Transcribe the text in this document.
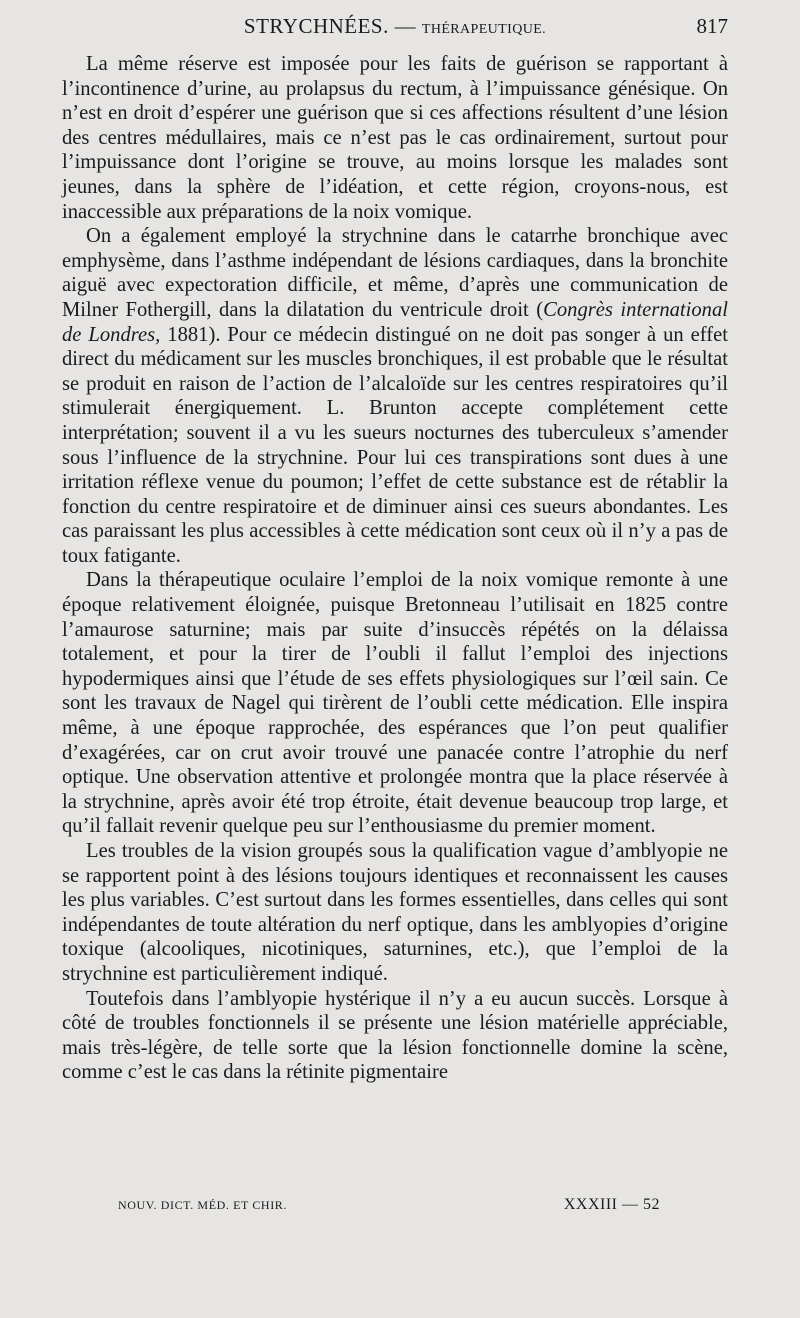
STRYCHNÉES. — THÉRAPEUTIQUE.	817

La même réserve est imposée pour les faits de guérison se rapportant à l’incontinence d’urine, au prolapsus du rectum, à l’impuissance génésique. On n’est en droit d’espérer une guérison que si ces affections résultent d’une lésion des centres médullaires, mais ce n’est pas le cas ordinairement, surtout pour l’impuissance dont l’origine se trouve, au moins lorsque les malades sont jeunes, dans la sphère de l’idéation, et cette région, croyons-nous, est inaccessible aux préparations de la noix vomique.

On a également employé la strychnine dans le catarrhe bronchique avec emphysème, dans l’asthme indépendant de lésions cardiaques, dans la bronchite aiguë avec expectoration difficile, et même, d’après une communication de Milner Fothergill, dans la dilatation du ventricule droit (Congrès international de Londres, 1881). Pour ce médecin distingué on ne doit pas songer à un effet direct du médicament sur les muscles bronchiques, il est probable que le résultat se produit en raison de l’action de l’alcaloïde sur les centres respiratoires qu’il stimulerait énergiquement. L. Brunton accepte complétement cette interprétation; souvent il a vu les sueurs nocturnes des tuberculeux s’amender sous l’influence de la strychnine. Pour lui ces transpirations sont dues à une irritation réflexe venue du poumon; l’effet de cette substance est de rétablir la fonction du centre respiratoire et de diminuer ainsi ces sueurs abondantes. Les cas paraissant les plus accessibles à cette médication sont ceux où il n’y a pas de toux fatigante.

Dans la thérapeutique oculaire l’emploi de la noix vomique remonte à une époque relativement éloignée, puisque Bretonneau l’utilisait en 1825 contre l’amaurose saturnine; mais par suite d’insuccès répétés on la délaissa totalement, et pour la tirer de l’oubli il fallut l’emploi des injections hypodermiques ainsi que l’étude de ses effets physiologiques sur l’œil sain. Ce sont les travaux de Nagel qui tirèrent de l’oubli cette médication. Elle inspira même, à une époque rapprochée, des espérances que l’on peut qualifier d’exagérées, car on crut avoir trouvé une panacée contre l’atrophie du nerf optique. Une observation attentive et prolongée montra que la place réservée à la strychnine, après avoir été trop étroite, était devenue beaucoup trop large, et qu’il fallait revenir quelque peu sur l’enthousiasme du premier moment.

Les troubles de la vision groupés sous la qualification vague d’amblyopie ne se rapportent point à des lésions toujours identiques et reconnaissent les causes les plus variables. C’est surtout dans les formes essentielles, dans celles qui sont indépendantes de toute altération du nerf optique, dans les amblyopies d’origine toxique (alcooliques, nicotiniques, saturnines, etc.), que l’emploi de la strychnine est particulièrement indiqué.

Toutefois dans l’amblyopie hystérique il n’y a eu aucun succès. Lorsque à côté de troubles fonctionnels il se présente une lésion matérielle appréciable, mais très-légère, de telle sorte que la lésion fonctionnelle domine la scène, comme c’est le cas dans la rétinite pigmentaire

NOUV. DICT. MÉD. ET CHIR.	XXXIII — 52
